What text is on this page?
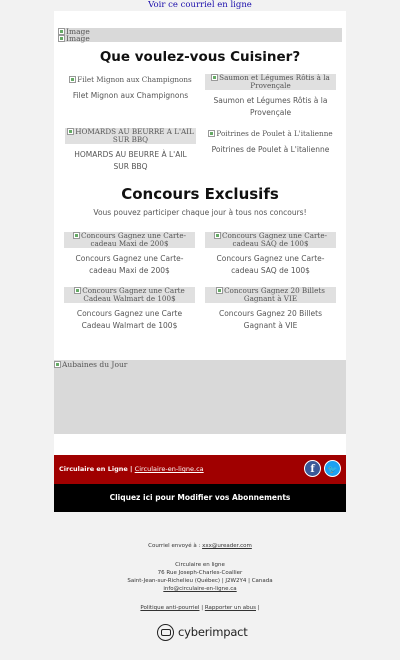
Voir ce courriel en ligne
Image
Image
Que voulez-vous Cuisiner?
Filet Mignon aux Champignons
Filet Mignon aux Champignons
Saumon et Légumes Rôtis à la Provençale
Saumon et Légumes Rôtis à la Provençale
HOMARDS AU BEURRE À L'AIL SUR BBQ
HOMARDS AU BEURRE À L'AIL SUR BBQ
Poitrines de Poulet à L'italienne
Poitrines de Poulet à L'italienne
Concours Exclusifs
Vous pouvez participer chaque jour à tous nos concours!
Concours Gagnez une Carte-cadeau Maxi de 200$
Concours Gagnez une Carte-cadeau Maxi de 200$
Concours Gagnez une Carte-cadeau SAQ de 100$
Concours Gagnez une Carte-cadeau SAQ de 100$
Concours Gagnez une Carte Cadeau Walmart de 100$
Concours Gagnez une Carte Cadeau Walmart de 100$
Concours Gagnez 20 Billets Gagnant à VIE
Concours Gagnez 20 Billets Gagnant à VIE
Aubaines du Jour
Circulaire en Ligne | Circulaire-en-ligne.ca	f	🐦
Cliquez ici pour Modifier vos Abonnements
Courriel envoyé à : xxx@ureader.com
Circulaire en ligne
76 Rue Joseph-Charles-Coallier
Saint-Jean-sur-Richelieu (Québec) | J2W2Y4 | Canada
info@circulaire-en-ligne.ca
Politique anti-pourriel | Rapporter un abus |
cyberimpact
